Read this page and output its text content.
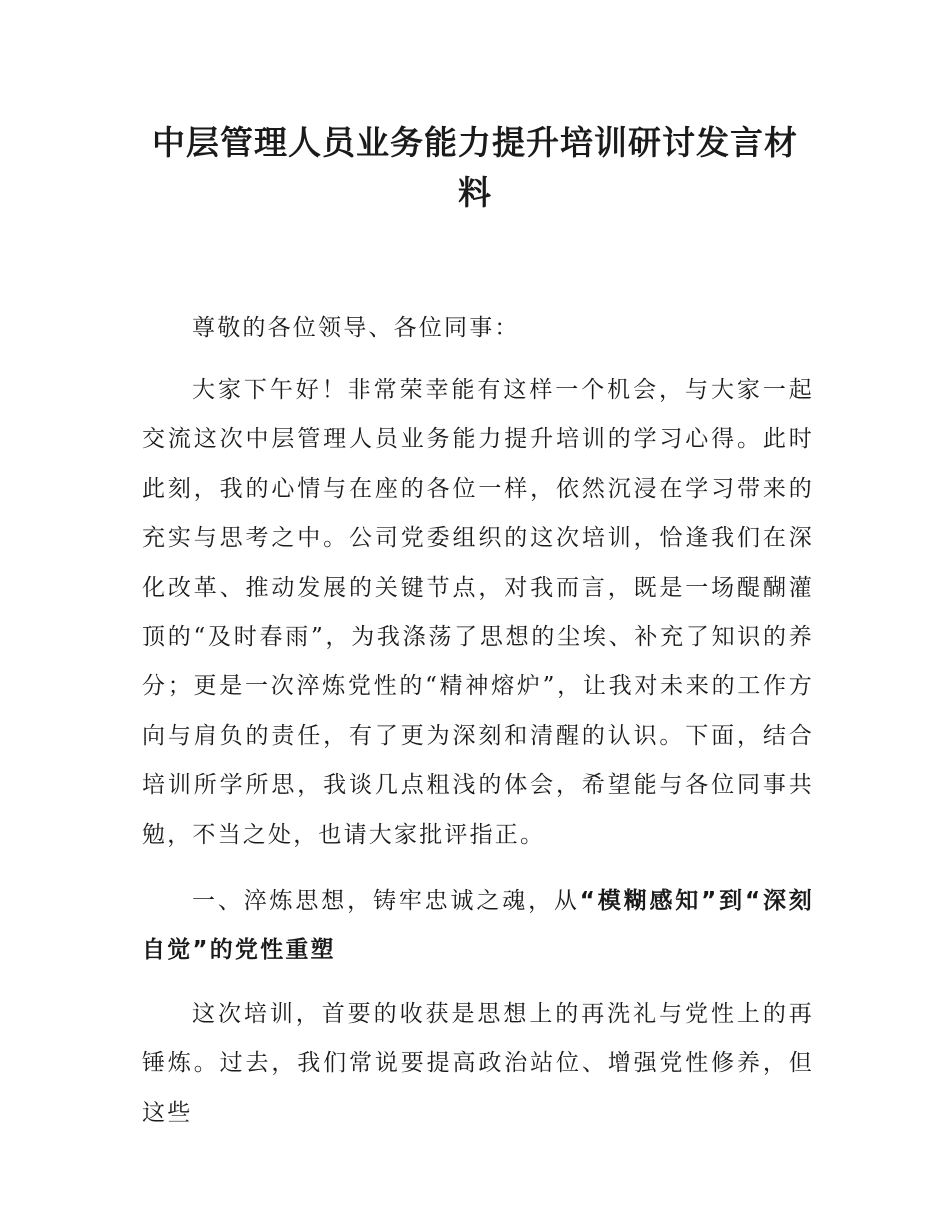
中层管理人员业务能力提升培训研讨发言材料

尊敬的各位领导、各位同事：

大家下午好！非常荣幸能有这样一个机会，与大家一起交流这次中层管理人员业务能力提升培训的学习心得。此时此刻，我的心情与在座的各位一样，依然沉浸在学习带来的充实与思考之中。公司党委组织的这次培训，恰逢我们在深化改革、推动发展的关键节点，对我而言，既是一场醍醐灌顶的“及时春雨”，为我涤荡了思想的尘埃、补充了知识的养分；更是一次淬炼党性的“精神熔炉”，让我对未来的工作方向与肩负的责任，有了更为深刻和清醒的认识。下面，结合培训所学所思，我谈几点粗浅的体会，希望能与各位同事共勉，不当之处，也请大家批评指正。

一、淬炼思想，铸牢忠诚之魂，从“模糊感知”到“深刻自觉”的党性重塑

这次培训，首要的收获是思想上的再洗礼与党性上的再锤炼。过去，我们常说要提高政治站位、增强党性修养，但这些
